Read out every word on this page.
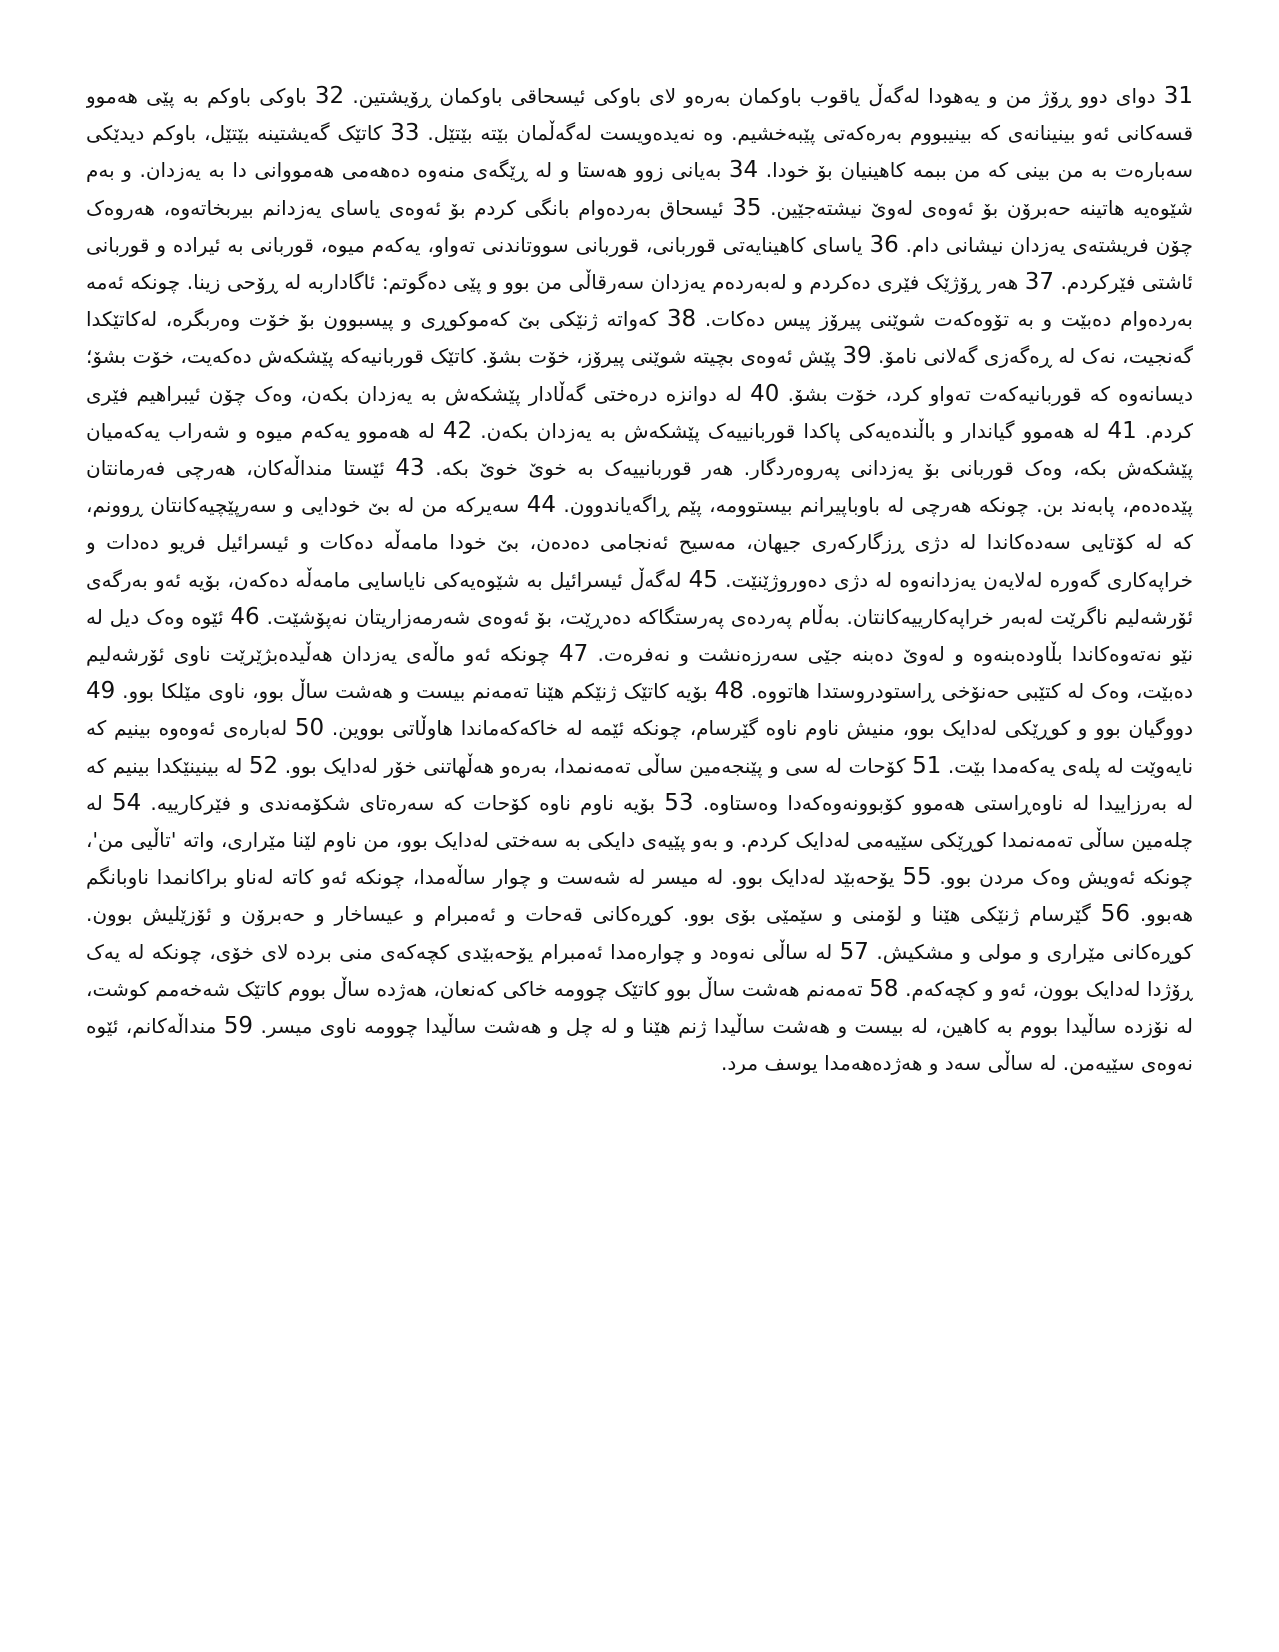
31 دوای دوو ڕۆژ من و یەهودا لەگەڵ یاقوب باوکمان بەرەو لای باوکی ئیسحاقی باوکمان ڕۆیشتین. 32 باوکی باوکم بە پێی هەموو قسەکانی ئەو بینینانەی کە بینیبووم بەرەکەتی پێبەخشیم. وە نەیدەویست لەگەڵمان بێتە بێتێل. 33 کاتێک گەیشتینە بێتێل، باوکم دیدێکی سەبارەت بە من بینی کە من ببمە کاهینیان بۆ خودا. 34 بەیانی زوو هەستا و لە ڕێگەی منەوە دەهەمی هەمووانی دا بە یەزدان. و بەم شێوەیە هاتینە حەبرۆن بۆ ئەوەی لەوێ نیشتەجێین. 35 ئیسحاق بەردەوام بانگی کردم بۆ ئەوەی یاسای یەزدانم بیربخاتەوە، هەروەک چۆن فریشتەی یەزدان نیشانی دام. 36 یاسای کاهینایەتی قوربانی، قوربانی سووتاندنی تەواو، یەکەم میوە، قوربانی بە ئیرادە و قوربانی ئاشتی فێرکردم. 37 هەر ڕۆژێک فێری دەکردم و لەبەردەم یەزدان سەرقاڵی من بوو و پێی دەگوتم: ئاگاداربە لە ڕۆحی زینا. چونکە ئەمە بەردەوام دەبێت و بە تۆوەکەت شوێنی پیرۆز پیس دەکات. 38 کەواتە ژنێکی بێ کەموکوڕی و پیسبوون بۆ خۆت وەربگرە، لەکاتێکدا گەنجیت، نەک لە ڕەگەزی گەلانی نامۆ. 39 پێش ئەوەی بچیتە شوێنی پیرۆز، خۆت بشۆ. کاتێک قوربانیەکە پێشکەش دەکەیت، خۆت بشۆ؛ دیسانەوە کە قوربانیەکەت تەواو کرد، خۆت بشۆ. 40 لە دوانزە درەختی گەڵادار پێشکەش بە یەزدان بکەن، وەک چۆن ئیبراهیم فێری کردم. 41 لە هەموو گیاندار و باڵندەیەکی پاکدا قوربانییەک پێشکەش بە یەزدان بکەن. 42 لە هەموو یەکەم میوە و شەراب یەکەمیان پێشکەش بکە، وەک قوربانی بۆ یەزدانی پەروەردگار. هەر قوربانییەک بە خوێ خوێ بکە. 43 ئێستا منداڵەکان، هەرچی فەرمانتان پێدەدەم، پابەند بن. چونکە هەرچی لە باوباپیرانم بیستوومە، پێم ڕاگەیاندوون. 44 سەیرکە من لە بێ خودایی و سەرپێچیەکانتان ڕوونم، کە لە کۆتایی سەدەکاندا لە دژی ڕزگارکەری جیهان، مەسیح ئەنجامی دەدەن، بێ خودا مامەڵە دەکات و ئیسرائیل فریو دەدات و خراپەکاری گەورە لەلایەن یەزدانەوە لە دژی دەوروژێنێت. 45 لەگەڵ ئیسرائیل بە شێوەیەکی نایاسایی مامەڵە دەکەن، بۆیە ئەو بەرگەی ئۆرشەلیم ناگرێت لەبەر خراپەکارییەکانتان. بەڵام پەردەی پەرستگاکە دەدڕێت، بۆ ئەوەی شەرمەزاریتان نەپۆشێت. 46 ئێوە وەک دیل لە نێو نەتەوەکاندا بڵاودەبنەوە و لەوێ دەبنە جێی سەرزەنشت و نەفرەت. 47 چونکە ئەو ماڵەی یەزدان هەڵیدەبژێرێت ناوی ئۆرشەلیم دەبێت، وەک لە کتێبی حەنۆخی ڕاستودروستدا هاتووە. 48 بۆیە کاتێک ژنێکم هێنا تەمەنم بیست و هەشت ساڵ بوو، ناوی مێلکا بوو. 49 دووگیان بوو و کوڕێکی لەدایک بوو، منیش ناوم ناوە گێرسام، چونکە ئێمە لە خاکەکەماندا هاوڵاتی بووین. 50 لەبارەی ئەوەوە بینیم کە نایەوێت لە پلەی یەکەمدا بێت. 51 کۆحات لە سی و پێنجەمین ساڵی تەمەنمدا، بەرەو هەڵهاتنی خۆر لەدایک بوو. 52 لە بینینێکدا بینیم کە لە بەرزاییدا لە ناوەڕاستی هەموو کۆبوونەوەکەدا وەستاوە. 53 بۆیە ناوم ناوە کۆحات کە سەرەتای شکۆمەندی و فێرکارییە. 54 لە چلەمین ساڵی تەمەنمدا کوڕێکی سێیەمی لەدایک کردم. و بەو پێیەی دایکی بە سەختی لەدایک بوو، من ناوم لێنا مێراری، واتە 'تاڵیی من'، چونکە ئەویش وەک مردن بوو. 55 یۆحەبێد لەدایک بوو. لە میسر لە شەست و چوار ساڵەمدا، چونکە ئەو کاتە لەناو براکانمدا ناوبانگم هەبوو. 56 گێرسام ژنێکی هێنا و لۆمنی و سێمێی بۆی بوو. کوڕەکانی قەحات و ئەمبرام و عیساخار و حەبرۆن و ئۆزێلیش بوون. کوڕەکانی مێراری و مولی و مشکیش. 57 لە ساڵی نەوەد و چوارەمدا ئەمبرام یۆحەبێدی کچەکەی منی بردە لای خۆی، چونکە لە یەک ڕۆژدا لەدایک بوون، ئەو و کچەکەم. 58 تەمەنم هەشت ساڵ بوو کاتێک چوومە خاکی کەنعان، هەژدە ساڵ بووم کاتێک شەخەمم کوشت، لە نۆزدە ساڵیدا بووم بە کاهین، لە بیست و هەشت ساڵیدا ژنم هێنا و لە چل و هەشت ساڵیدا چوومە ناوی میسر. 59 منداڵەکانم، ئێوە نەوەی سێیەمن. لە ساڵی سەد و هەژدەهەمدا یوسف مرد.
